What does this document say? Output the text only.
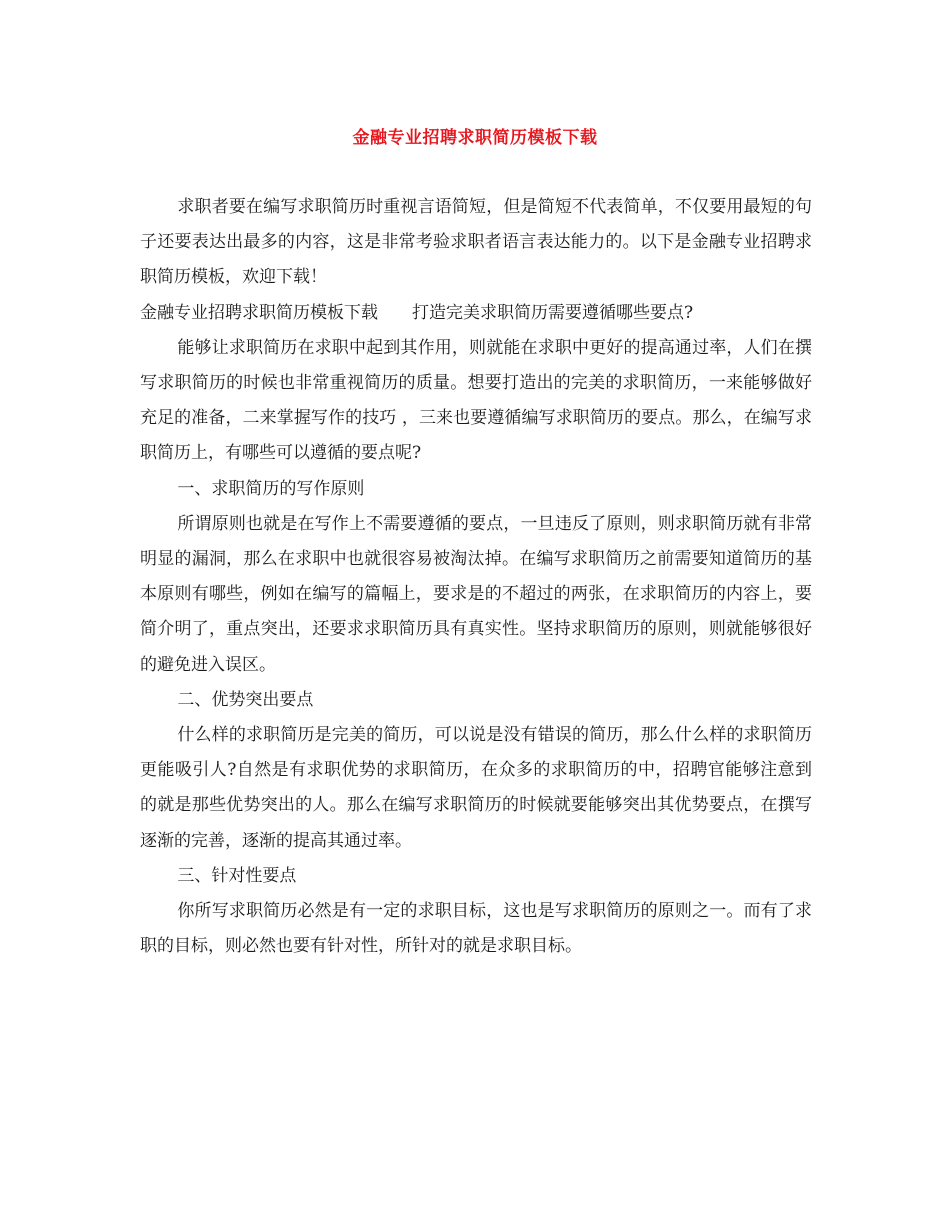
金融专业招聘求职简历模板下载

求职者要在编写求职简历时重视言语简短，但是简短不代表简单，不仅要用最短的句子还要表达出最多的内容，这是非常考验求职者语言表达能力的。以下是金融专业招聘求职简历模板，欢迎下载！

金融专业招聘求职简历模板下载 打造完美求职简历需要遵循哪些要点?

能够让求职简历在求职中起到其作用，则就能在求职中更好的提高通过率，人们在撰写求职简历的时候也非常重视简历的质量。想要打造出的完美的求职简历，一来能够做好充足的准备，二来掌握写作的技巧 ，三来也要遵循编写求职简历的要点。那么，在编写求职简历上，有哪些可以遵循的要点呢?

一、求职简历的写作原则

所谓原则也就是在写作上不需要遵循的要点，一旦违反了原则，则求职简历就有非常明显的漏洞，那么在求职中也就很容易被淘汰掉。在编写求职简历之前需要知道简历的基本原则有哪些，例如在编写的篇幅上，要求是的不超过的两张，在求职简历的内容上，要简介明了，重点突出，还要求求职简历具有真实性。坚持求职简历的原则，则就能够很好的避免进入误区。

二、优势突出要点

什么样的求职简历是完美的简历，可以说是没有错误的简历，那么什么样的求职简历更能吸引人?自然是有求职优势的求职简历，在众多的求职简历的中，招聘官能够注意到的就是那些优势突出的人。那么在编写求职简历的时候就要能够突出其优势要点，在撰写逐渐的完善，逐渐的提高其通过率。

三、针对性要点

你所写求职简历必然是有一定的求职目标，这也是写求职简历的原则之一。而有了求职的目标，则必然也要有针对性，所针对的就是求职目标。
